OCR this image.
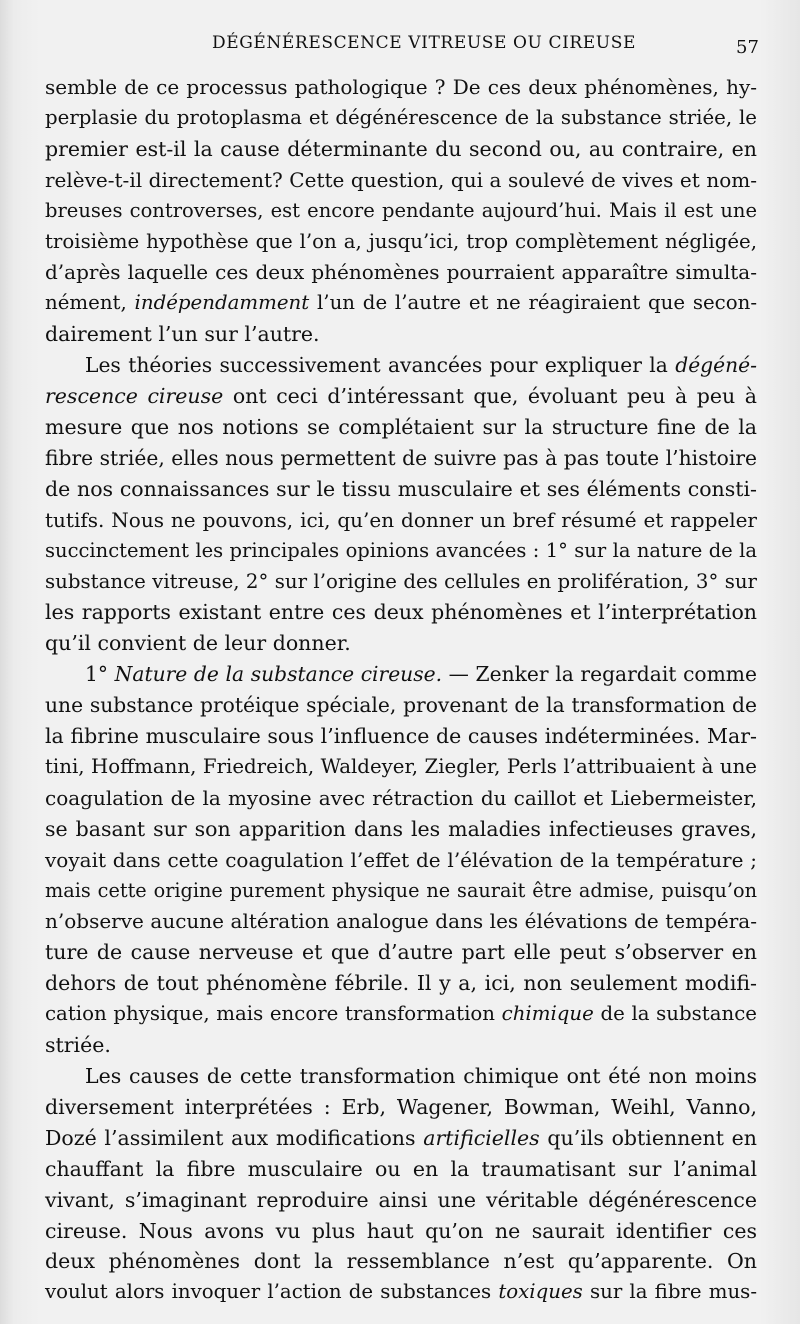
DÉGÉNÉRESCENCE VITREUSE OU CIREUSE	57
semble de ce processus pathologique ? De ces deux phénomènes, hy-
perplasie du protoplasma et dégénérescence de la substance striée, le
premier est-il la cause déterminante du second ou, au contraire, en
relève-t-il directement? Cette question, qui a soulevé de vives et nom-
breuses controverses, est encore pendante aujourd’hui. Mais il est une
troisième hypothèse que l’on a, jusqu’ici, trop complètement négligée,
d’après laquelle ces deux phénomènes pourraient apparaître simulta-
nément, indépendamment l’un de l’autre et ne réagiraient que secon-
dairement l’un sur l’autre.
Les théories successivement avancées pour expliquer la dégéné-
rescence cireuse ont ceci d’intéressant que, évoluant peu à peu à
mesure que nos notions se complétaient sur la structure fine de la
fibre striée, elles nous permettent de suivre pas à pas toute l’histoire
de nos connaissances sur le tissu musculaire et ses éléments consti-
tutifs. Nous ne pouvons, ici, qu’en donner un bref résumé et rappeler
succinctement les principales opinions avancées : 1° sur la nature de la
substance vitreuse, 2° sur l’origine des cellules en prolifération, 3° sur
les rapports existant entre ces deux phénomènes et l’interprétation
qu’il convient de leur donner.
1° Nature de la substance cireuse. — Zenker la regardait comme
une substance protéique spéciale, provenant de la transformation de
la fibrine musculaire sous l’influence de causes indéterminées. Mar-
tini, Hoffmann, Friedreich, Waldeyer, Ziegler, Perls l’attribuaient à une
coagulation de la myosine avec rétraction du caillot et Liebermeister,
se basant sur son apparition dans les maladies infectieuses graves,
voyait dans cette coagulation l’effet de l’élévation de la température ;
mais cette origine purement physique ne saurait être admise, puisqu’on
n’observe aucune altération analogue dans les élévations de tempéra-
ture de cause nerveuse et que d’autre part elle peut s’observer en
dehors de tout phénomène fébrile. Il y a, ici, non seulement modifi-
cation physique, mais encore transformation chimique de la substance
striée.
Les causes de cette transformation chimique ont été non moins
diversement interprétées : Erb, Wagener, Bowman, Weihl, Vanno,
Dozé l’assimilent aux modifications artificielles qu’ils obtiennent en
chauffant la fibre musculaire ou en la traumatisant sur l’animal
vivant, s’imaginant reproduire ainsi une véritable dégénérescence
cireuse. Nous avons vu plus haut qu’on ne saurait identifier ces
deux phénomènes dont la ressemblance n’est qu’apparente. On
voulut alors invoquer l’action de substances toxiques sur la fibre mus-
